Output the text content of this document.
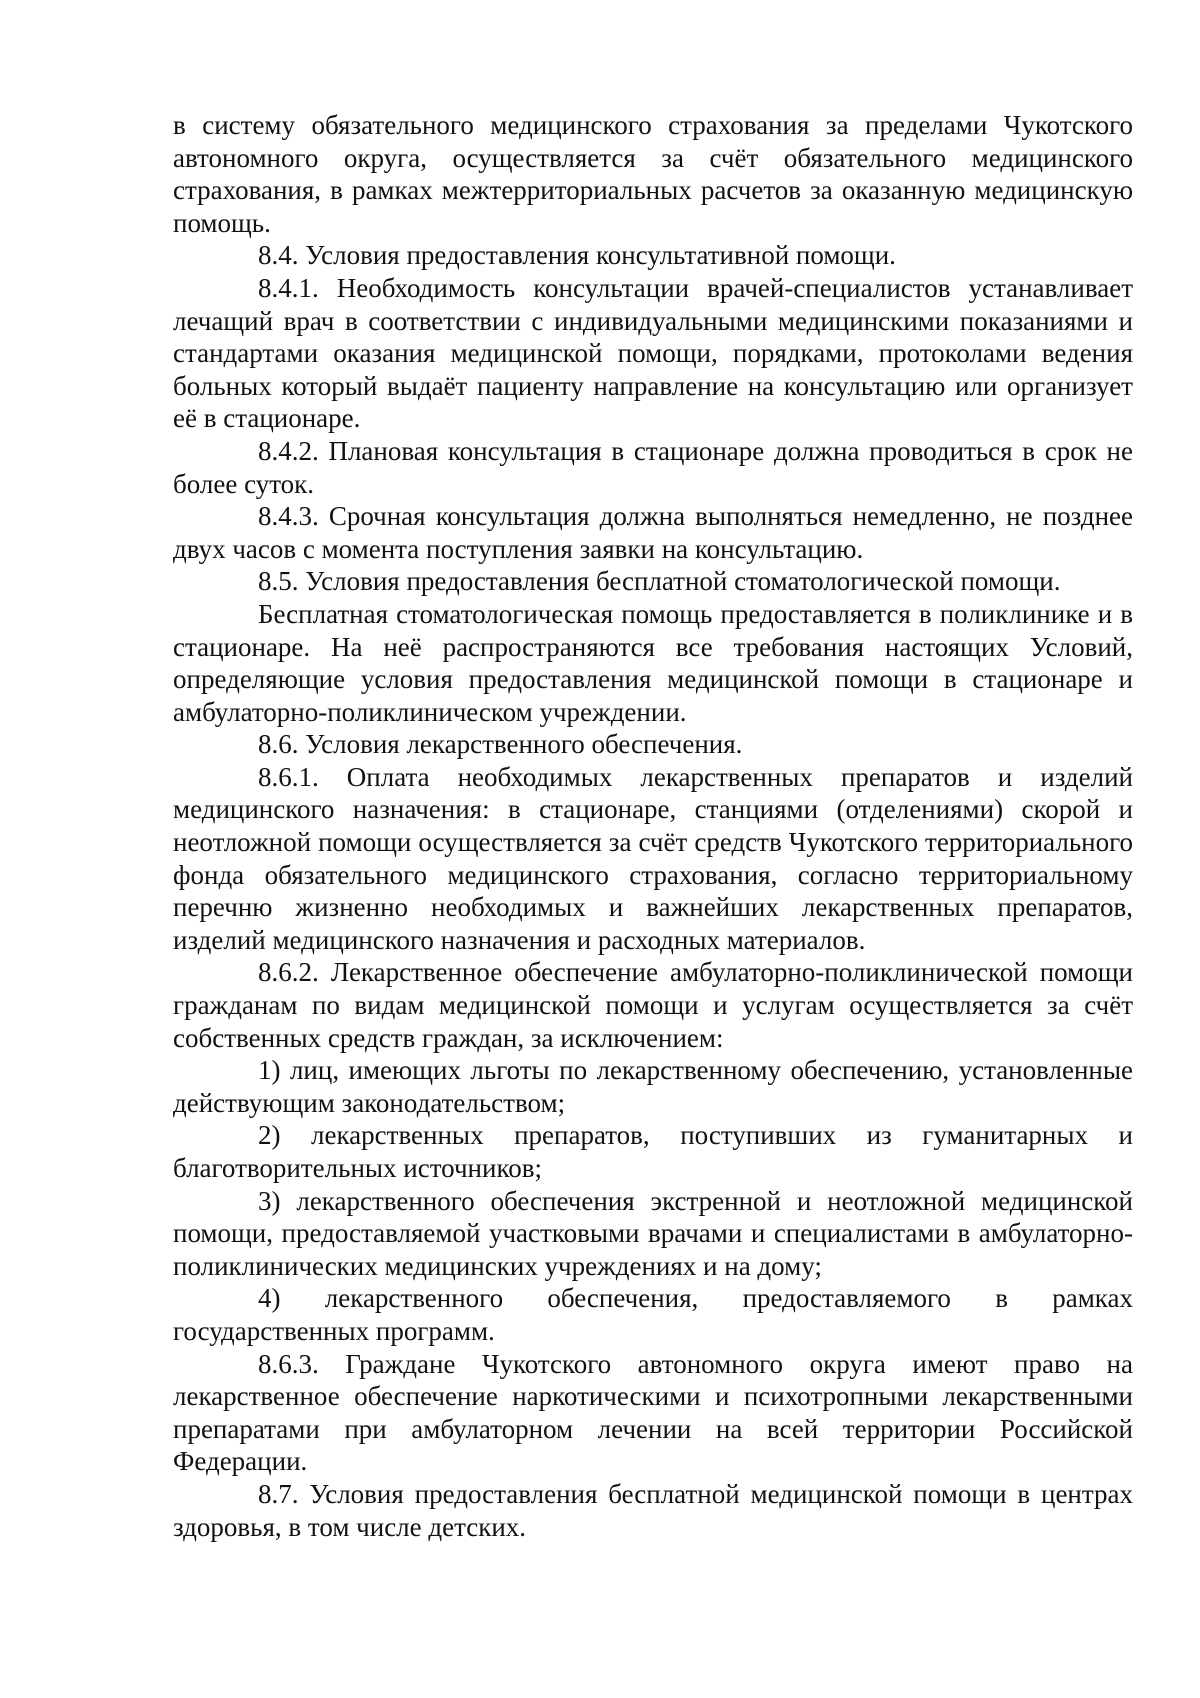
в систему обязательного медицинского страхования за пределами Чукотского автономного округа, осуществляется за счёт обязательного медицинского страхования, в рамках межтерриториальных расчетов за оказанную медицинскую помощь.

8.4. Условия предоставления консультативной помощи.

8.4.1. Необходимость консультации врачей-специалистов устанавливает лечащий врач в соответствии с индивидуальными медицинскими показаниями и стандартами оказания медицинской помощи, порядками, протоколами ведения больных который выдаёт пациенту направление на консультацию или организует её в стационаре.

8.4.2. Плановая консультация в стационаре должна проводиться в срок не более суток.

8.4.3. Срочная консультация должна выполняться немедленно, не позднее двух часов с момента поступления заявки на консультацию.

8.5. Условия предоставления бесплатной стоматологической помощи.

Бесплатная стоматологическая помощь предоставляется в поликлинике и в стационаре. На неё распространяются все требования настоящих Условий, определяющие условия предоставления медицинской помощи в стационаре и амбулаторно-поликлиническом учреждении.

8.6. Условия лекарственного обеспечения.

8.6.1. Оплата необходимых лекарственных препаратов и изделий медицинского назначения: в стационаре, станциями (отделениями) скорой и неотложной помощи осуществляется за счёт средств Чукотского территориального фонда обязательного медицинского страхования, согласно территориальному перечню жизненно необходимых и важнейших лекарственных препаратов, изделий медицинского назначения и расходных материалов.

8.6.2. Лекарственное обеспечение амбулаторно-поликлинической помощи гражданам по видам медицинской помощи и услугам осуществляется за счёт собственных средств граждан, за исключением:

1) лиц, имеющих льготы по лекарственному обеспечению, установленные действующим законодательством;

2) лекарственных препаратов, поступивших из гуманитарных и благотворительных источников;

3) лекарственного обеспечения экстренной и неотложной медицинской помощи, предоставляемой участковыми врачами и специалистами в амбулаторно-поликлинических медицинских учреждениях и на дому;

4) лекарственного обеспечения, предоставляемого в рамках государственных программ.

8.6.3. Граждане Чукотского автономного округа имеют право на лекарственное обеспечение наркотическими и психотропными лекарственными препаратами при амбулаторном лечении на всей территории Российской Федерации.

8.7. Условия предоставления бесплатной медицинской помощи в центрах здоровья, в том числе детских.
